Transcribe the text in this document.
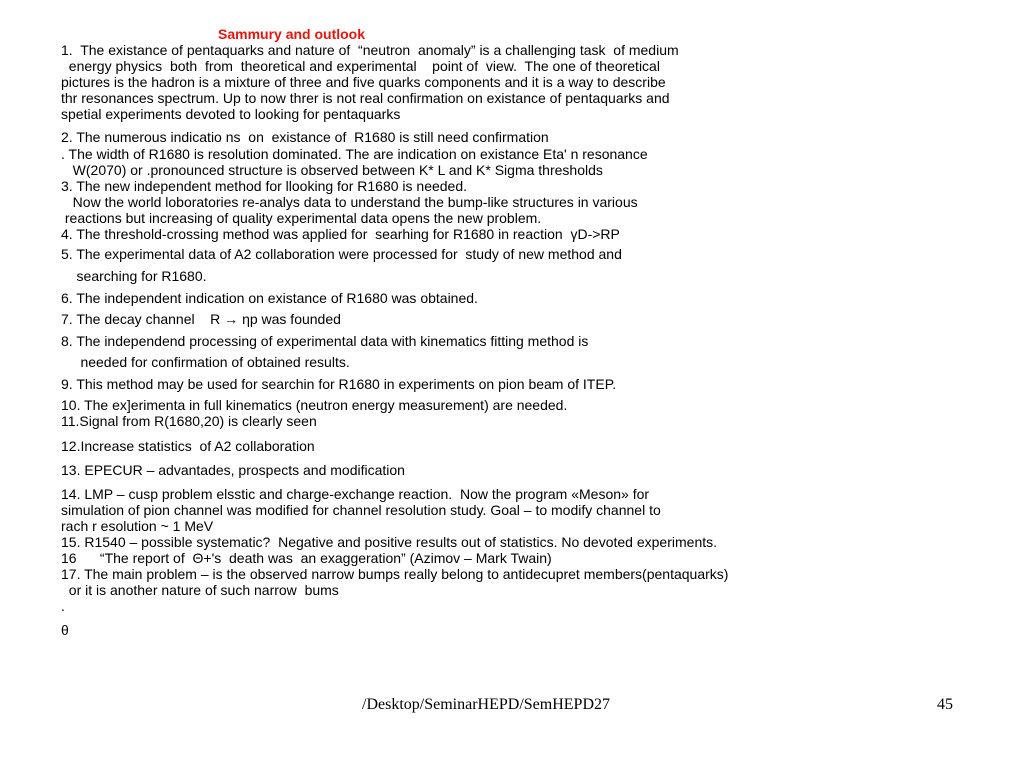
Sammury and outlook
1.  The existance of pentaquarks and nature of  “neutron  anomaly” is a challenging task  of medium
energy physics  both  from  theoretical and experimental    point of  view.  The one of theoretical
pictures is the hadron is a mixture of three and five quarks components and it is a way to describe
thr resonances spectrum. Up to now threr is not real confirmation on existance of pentaquarks and
spetial experiments devoted to looking for pentaquarks
2. The numerous indicatio ns  on  existance of  R1680 is still need confirmation
. The width of R1680 is resolution dominated. The are indication on existance Eta' n resonance
W(2070) or .pronounced structure is observed between K* L and K* Sigma thresholds
3. The new independent method for llooking for R1680 is needed.
Now the world loboratories re-analys data to understand the bump-like structures in various
reactions but increasing of quality experimental data opens the new problem.
4. The threshold-crossing method was applied for  searhing for R1680 in reaction  γD->RP
5. The experimental data of A2 collaboration were processed for  study of new method and
searching for R1680.
6. The independent indication on existance of R1680 was obtained.
7. The decay channel    R → ηp was founded
8. The independend processing of experimental data with kinematics fitting method is
needed for confirmation of obtained results.
9. This method may be used for searchin for R1680 in experiments on pion beam of ITEP.
10. The ex]erimenta in full kinematics (neutron energy measurement) are needed.
11.Signal from R(1680,20) is clearly seen
12.Increase statistics  of A2 collaboration
13. EPECUR – advantades, prospects and modification
14. LMP – cusp problem elsstic and charge-exchange reaction.  Now the program «Meson» for
simulation of pion channel was modified for channel resolution study. Goal – to modify channel to
rach r esolution ~ 1 MeV
15. R1540 – possible systematic?  Negative and positive results out of statistics. No devoted experiments.
16      “The report of  Θ+'s  death was  an exaggeration” (Azimov – Mark Twain)
17. The main problem – is the observed narrow bumps really belong to antidecupret members(pentaquarks)
or it is another nature of such narrow  bums
.
θ
/Desktop/SeminarHEPD/SemHEPD27	45
